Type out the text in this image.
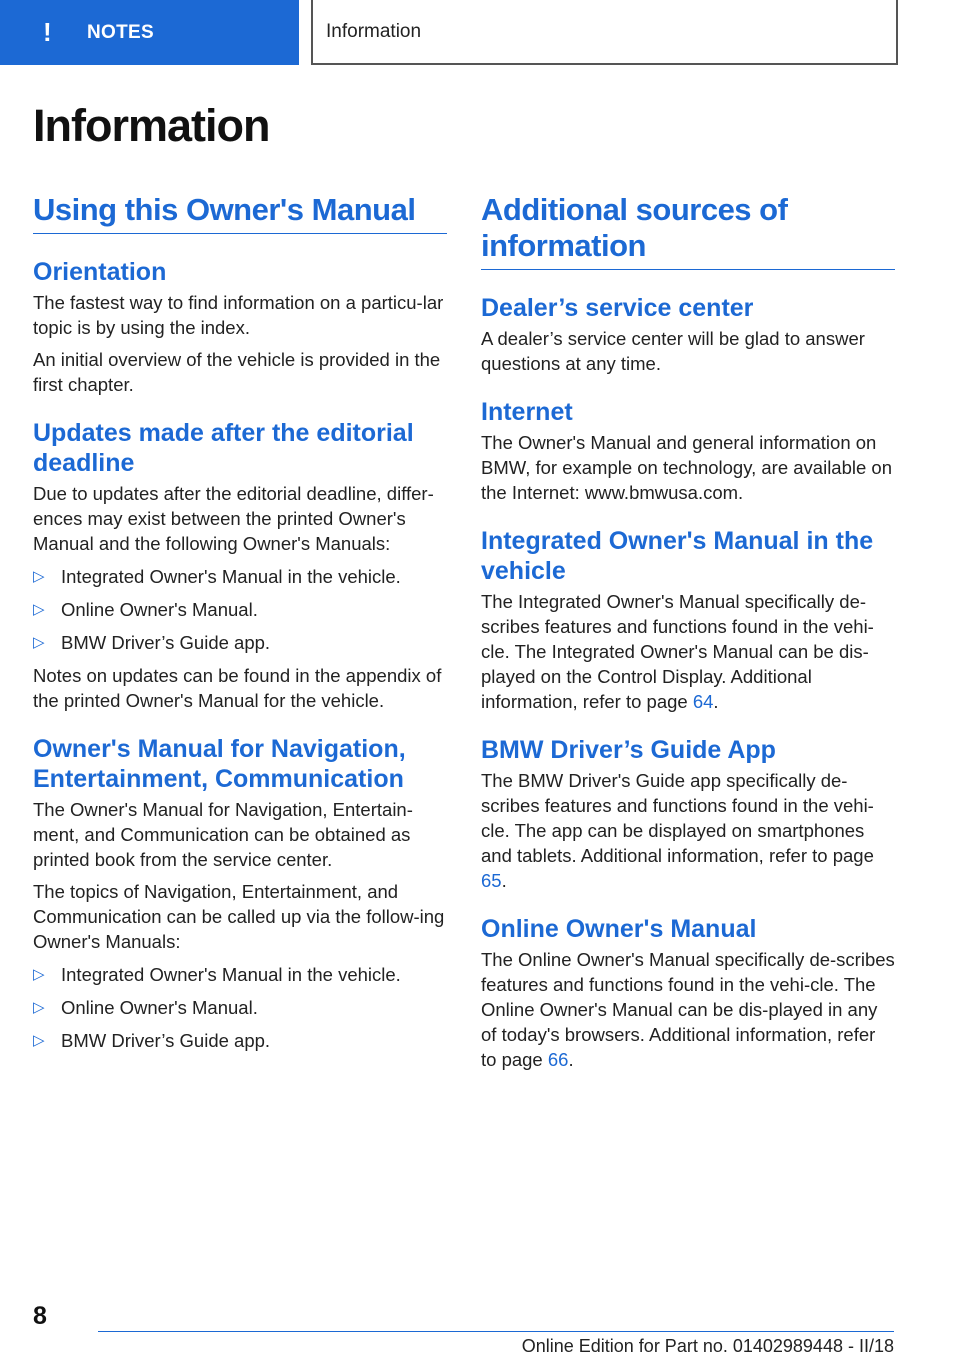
! NOTES	Information
Information
Using this Owner's Manual
Orientation

The fastest way to find information on a particu-lar topic is by using the index.

An initial overview of the vehicle is provided in the first chapter.

Updates made after the editorial deadline

Due to updates after the editorial deadline, differ-ences may exist between the printed Owner's Manual and the following Owner's Manuals:

▷ Integrated Owner's Manual in the vehicle.
▷ Online Owner's Manual.
▷ BMW Driver’s Guide app.

Notes on updates can be found in the appendix of the printed Owner's Manual for the vehicle.

Owner's Manual for Navigation, Entertainment, Communication

The Owner's Manual for Navigation, Entertain-ment, and Communication can be obtained as printed book from the service center.

The topics of Navigation, Entertainment, and Communication can be called up via the follow-ing Owner's Manuals:

▷ Integrated Owner's Manual in the vehicle.
▷ Online Owner's Manual.
▷ BMW Driver’s Guide app.
Additional sources of information
Dealer’s service center

A dealer’s service center will be glad to answer questions at any time.

Internet

The Owner's Manual and general information on BMW, for example on technology, are available on the Internet: www.bmwusa.com.

Integrated Owner's Manual in the vehicle

The Integrated Owner's Manual specifically de-scribes features and functions found in the vehi-cle. The Integrated Owner's Manual can be dis-played on the Control Display. Additional information, refer to page 64.

BMW Driver’s Guide App

The BMW Driver's Guide app specifically de-scribes features and functions found in the vehi-cle. The app can be displayed on smartphones and tablets. Additional information, refer to page 65.

Online Owner's Manual

The Online Owner's Manual specifically de-scribes features and functions found in the vehi-cle. The Online Owner's Manual can be dis-played in any of today's browsers. Additional information, refer to page 66.

8
Online Edition for Part no. 01402989448 - II/18
